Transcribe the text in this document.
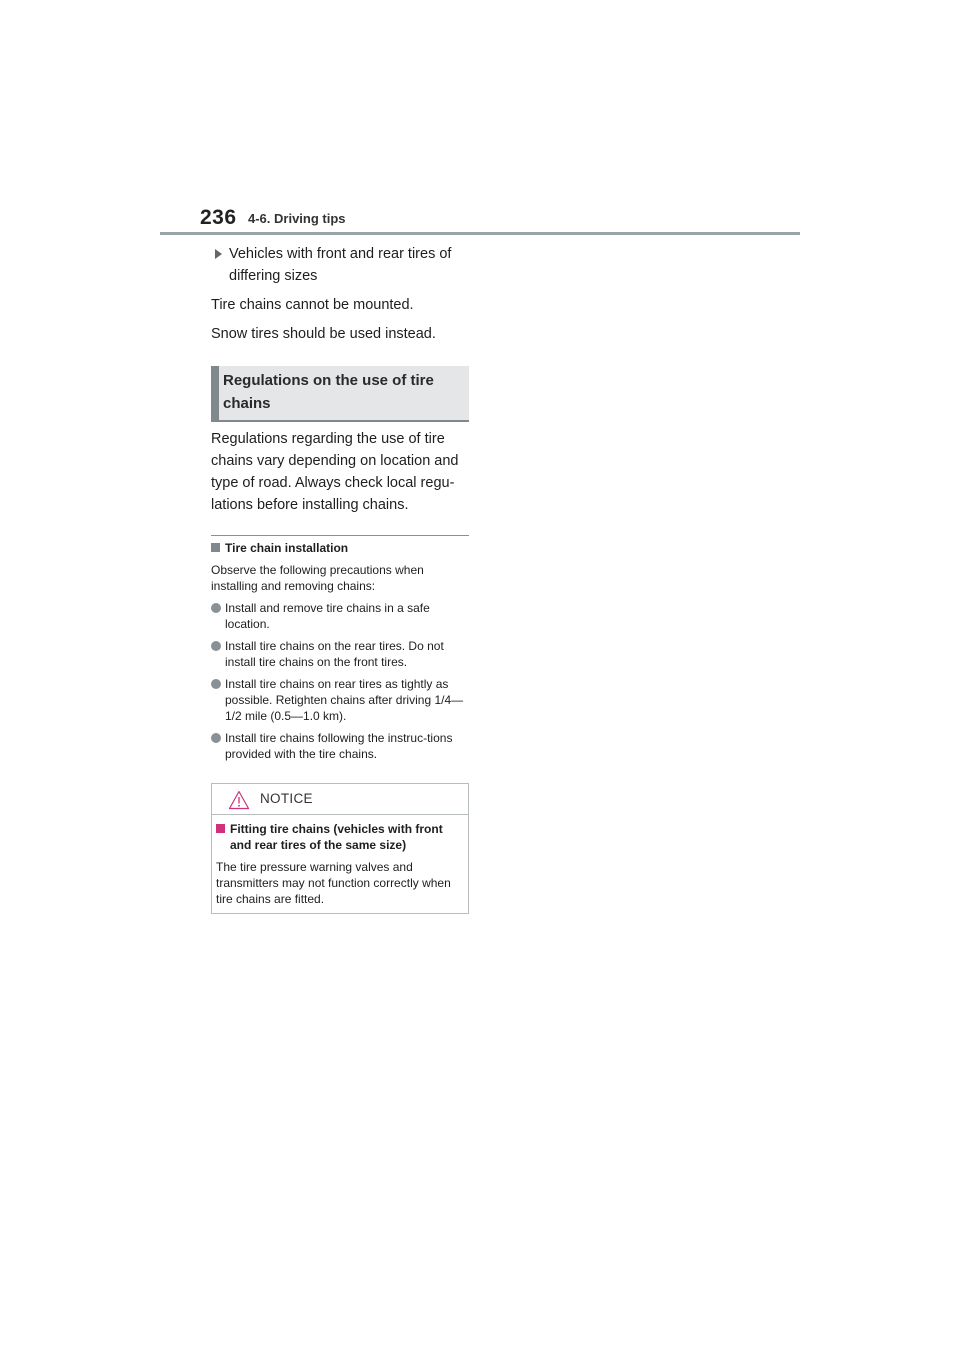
236 4-6. Driving tips
Vehicles with front and rear tires of differing sizes
Tire chains cannot be mounted.
Snow tires should be used instead.
Regulations on the use of tire chains
Regulations regarding the use of tire chains vary depending on location and type of road. Always check local regu-lations before installing chains.
Tire chain installation
Observe the following precautions when installing and removing chains:
Install and remove tire chains in a safe location.
Install tire chains on the rear tires. Do not install tire chains on the front tires.
Install tire chains on rear tires as tightly as possible. Retighten chains after driving 1/4—1/2 mile (0.5—1.0 km).
Install tire chains following the instruc-tions provided with the tire chains.
NOTICE
Fitting tire chains (vehicles with front and rear tires of the same size)
The tire pressure warning valves and transmitters may not function correctly when tire chains are fitted.
